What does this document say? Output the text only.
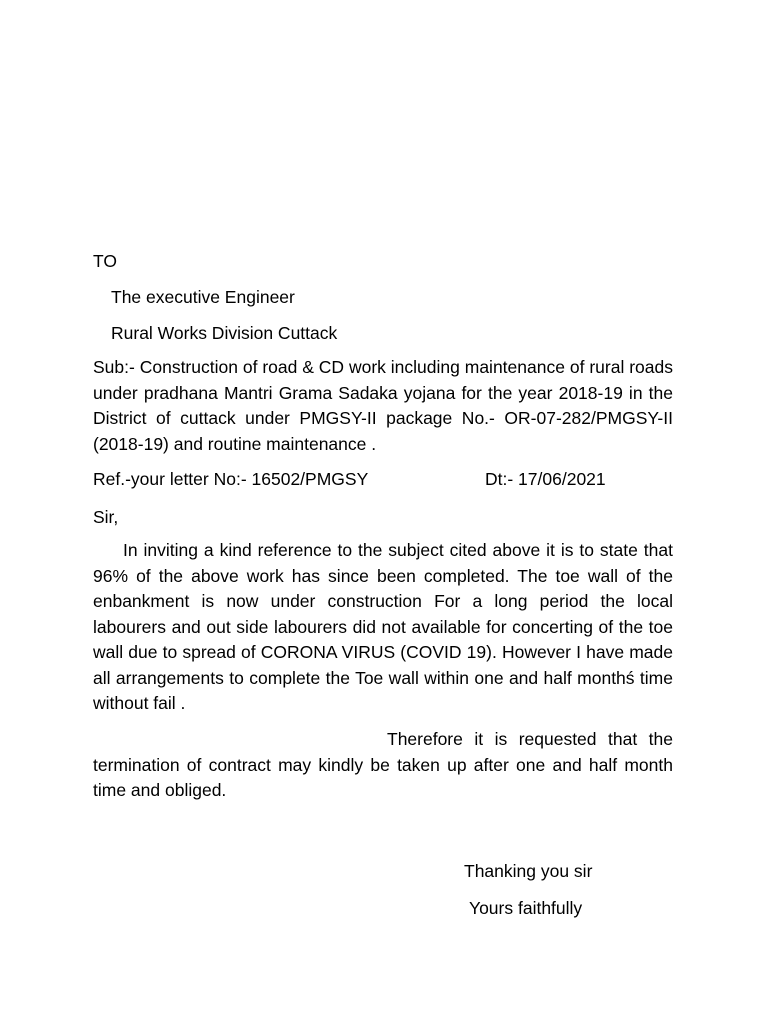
TO
The executive Engineer
Rural Works Division Cuttack
Sub:- Construction of road & CD work including maintenance of rural roads under pradhana Mantri Grama Sadaka yojana for the year 2018-19 in the District of cuttack under PMGSY-II package No.- OR-07-282/PMGSY-II (2018-19) and routine maintenance .
Ref.-your letter No:- 16502/PMGSY	Dt:- 17/06/2021
Sir,
In inviting a kind reference to the subject cited above it is to state that 96% of the above work has since been completed. The toe wall of the enbankment is now under construction For a long period the local labourers and out side labourers did not available for concerting of the toe wall due to spread of CORONA VIRUS (COVID 19). However I have made all arrangements to complete the Toe wall within one and half monthś time without fail .
Therefore it is requested that the termination of contract may kindly be taken up after one and half month time and obliged.
Thanking you sir
Yours faithfully
